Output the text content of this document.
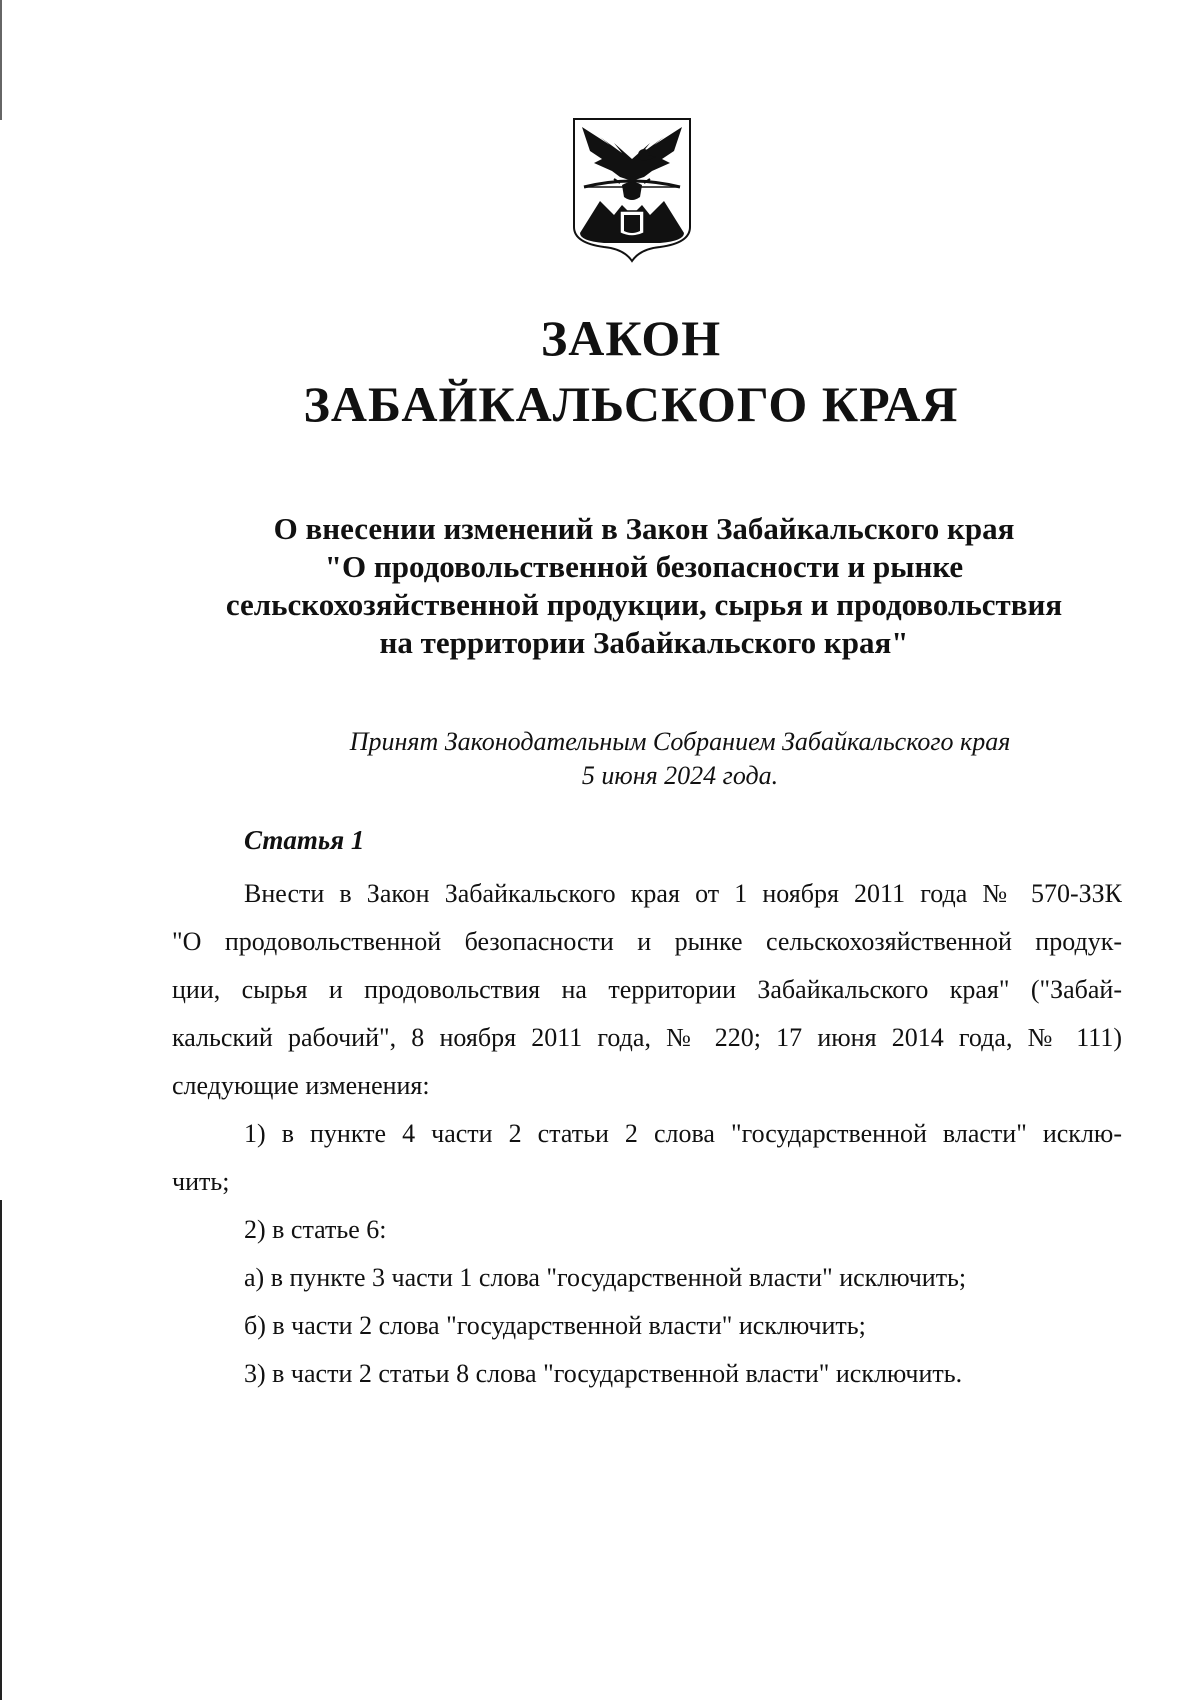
ЗАКОН
ЗАБАЙКАЛЬСКОГО КРАЯ
О внесении изменений в Закон Забайкальского края
"О продовольственной безопасности и рынке
сельскохозяйственной продукции, сырья и продовольствия
на территории Забайкальского края"
Принят Законодательным Собранием Забайкальского края
5 июня 2024 года.
Статья 1
Внести в Закон Забайкальского края от 1 ноября 2011 года № 570-ЗЗК
"О продовольственной безопасности и рынке сельскохозяйственной продук-
ции, сырья и продовольствия на территории Забайкальского края" ("Забай-
кальский рабочий", 8 ноября 2011 года, № 220; 17 июня 2014 года, № 111)
следующие изменения:
1) в пункте 4 части 2 статьи 2 слова "государственной власти" исклю-
чить;
2) в статье 6:
а) в пункте 3 части 1 слова "государственной власти" исключить;
б) в части 2 слова "государственной власти" исключить;
3) в части 2 статьи 8 слова "государственной власти" исключить.
